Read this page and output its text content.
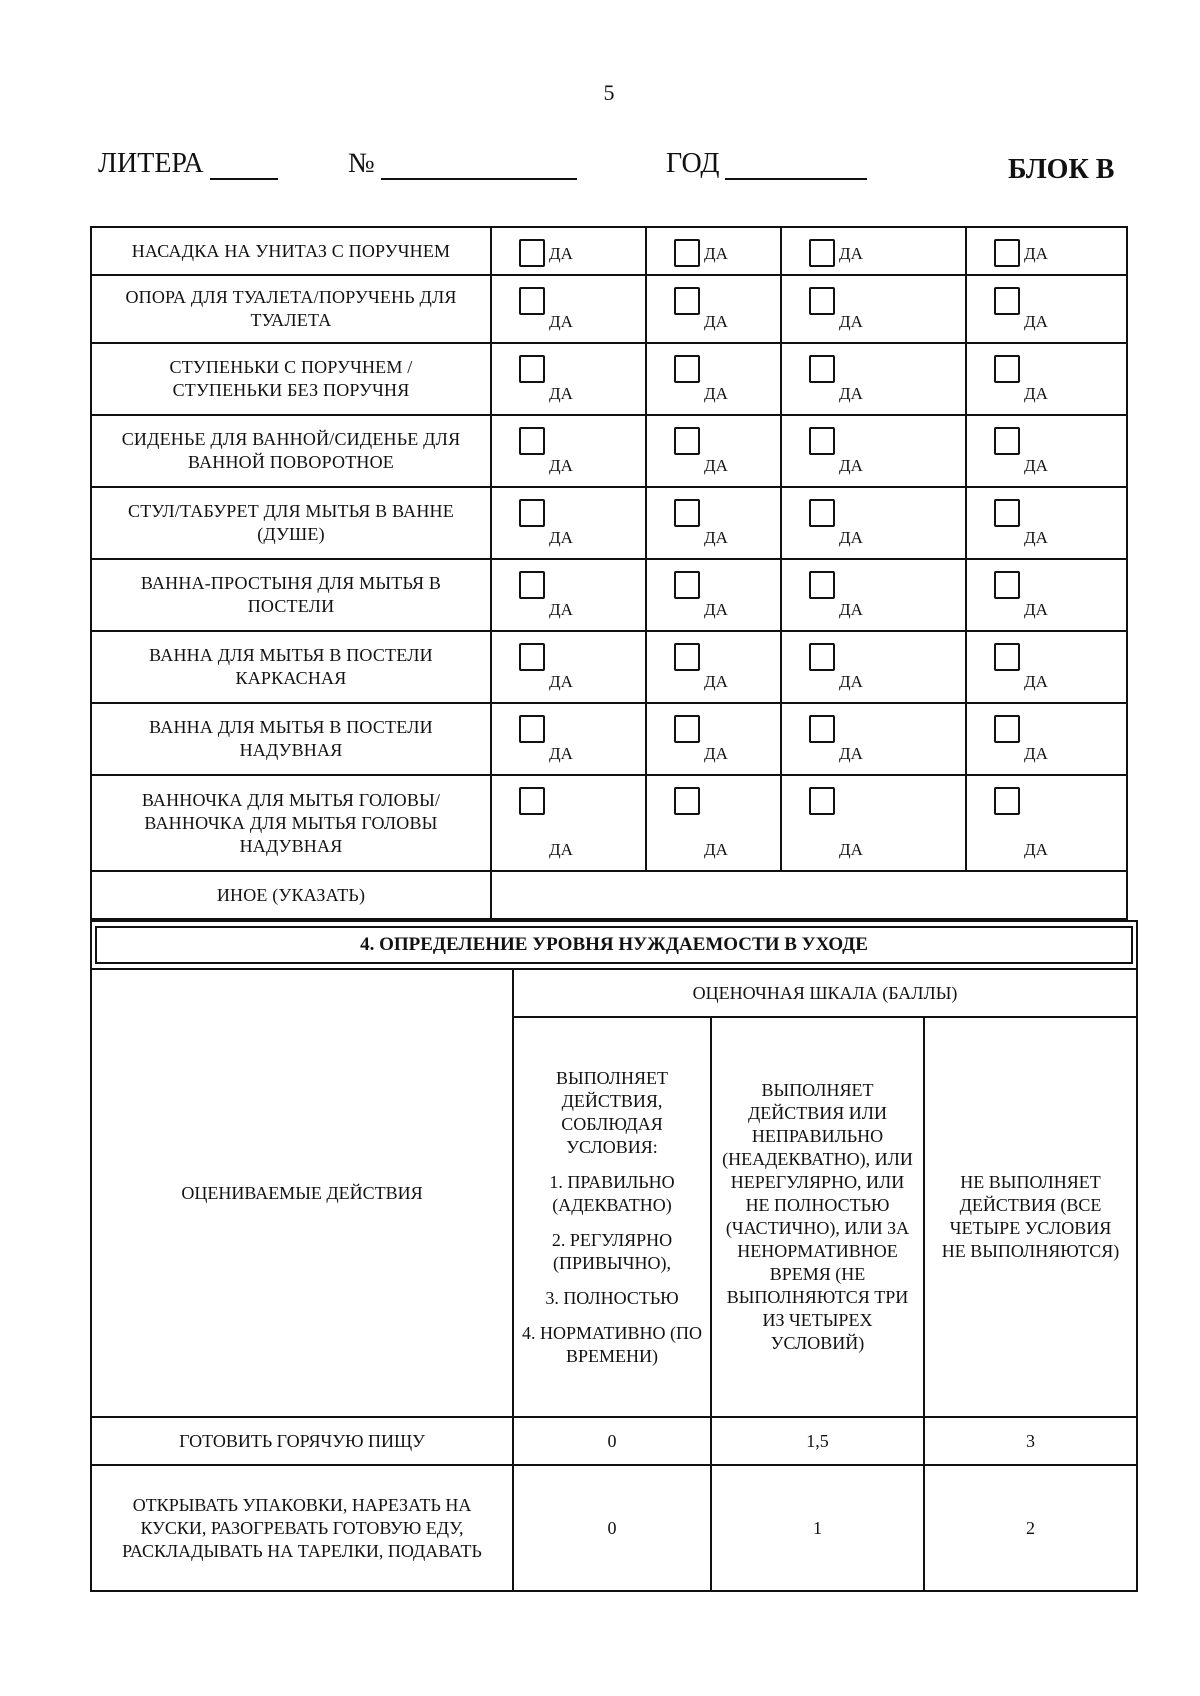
5
ЛИТЕРА	№	ГОД	БЛОК В
НАСАДКА НА УНИТАЗ С ПОРУЧНЕМ	ДА	ДА	ДА	ДА

ОПОРА ДЛЯ ТУАЛЕТА/ПОРУЧЕНЬ ДЛЯ ТУАЛЕТА	ДА	ДА	ДА	ДА

СТУПЕНЬКИ С ПОРУЧНЕМ /СТУПЕНЬКИ БЕЗ ПОРУЧНЯ	ДА	ДА	ДА	ДА

СИДЕНЬЕ ДЛЯ ВАННОЙ/СИДЕНЬЕ ДЛЯ ВАННОЙ ПОВОРОТНОЕ	ДА	ДА	ДА	ДА

СТУЛ/ТАБУРЕТ ДЛЯ МЫТЬЯ В ВАННЕ (ДУШЕ)	ДА	ДА	ДА	ДА

ВАННА-ПРОСТЫНЯ ДЛЯ МЫТЬЯ В ПОСТЕЛИ	ДА	ДА	ДА	ДА

ВАННА ДЛЯ МЫТЬЯ В ПОСТЕЛИ КАРКАСНАЯ	ДА	ДА	ДА	ДА

ВАННА ДЛЯ МЫТЬЯ В ПОСТЕЛИ НАДУВНАЯ	ДА	ДА	ДА	ДА

ВАННОЧКА ДЛЯ МЫТЬЯ ГОЛОВЫ/ ВАННОЧКА ДЛЯ МЫТЬЯ ГОЛОВЫ НАДУВНАЯ	ДА	ДА	ДА	ДА

ИНОЕ (УКАЗАТЬ)				
4. ОПРЕДЕЛЕНИЕ УРОВНЯ НУЖДАЕМОСТИ В УХОДЕ			

ОЦЕНИВАЕМЫЕ ДЕЙСТВИЯ	ОЦЕНОЧНАЯ ШКАЛА (БАЛЛЫ)		

	ВЫПОЛНЯЕТ ДЕЙСТВИЯ, СОБЛЮДАЯ УСЛОВИЯ:
1. ПРАВИЛЬНО (АДЕКВАТНО)
2. РЕГУЛЯРНО (ПРИВЫЧНО),
3. ПОЛНОСТЬЮ
4. НОРМАТИВНО (ПО ВРЕМЕНИ)	ВЫПОЛНЯЕТ ДЕЙСТВИЯ ИЛИ НЕПРАВИЛЬНО (НЕАДЕКВАТНО), ИЛИ НЕРЕГУЛЯРНО, ИЛИ НЕ ПОЛНОСТЬЮ (ЧАСТИЧНО), ИЛИ ЗА НЕНОРМАТИВНОЕ ВРЕМЯ (НЕ ВЫПОЛНЯЮТСЯ ТРИ ИЗ ЧЕТЫРЕХ УСЛОВИЙ)	НЕ ВЫПОЛНЯЕТ ДЕЙСТВИЯ (ВСЕ ЧЕТЫРЕ УСЛОВИЯ НЕ ВЫПОЛНЯЮТСЯ)
ГОТОВИТЬ ГОРЯЧУЮ ПИЩУ	0	1,5	3
ОТКРЫВАТЬ УПАКОВКИ, НАРЕЗАТЬ НА КУСКИ, РАЗОГРЕВАТЬ ГОТОВУЮ ЕДУ, РАСКЛАДЫВАТЬ НА ТАРЕЛКИ, ПОДАВАТЬ	0	1	2
